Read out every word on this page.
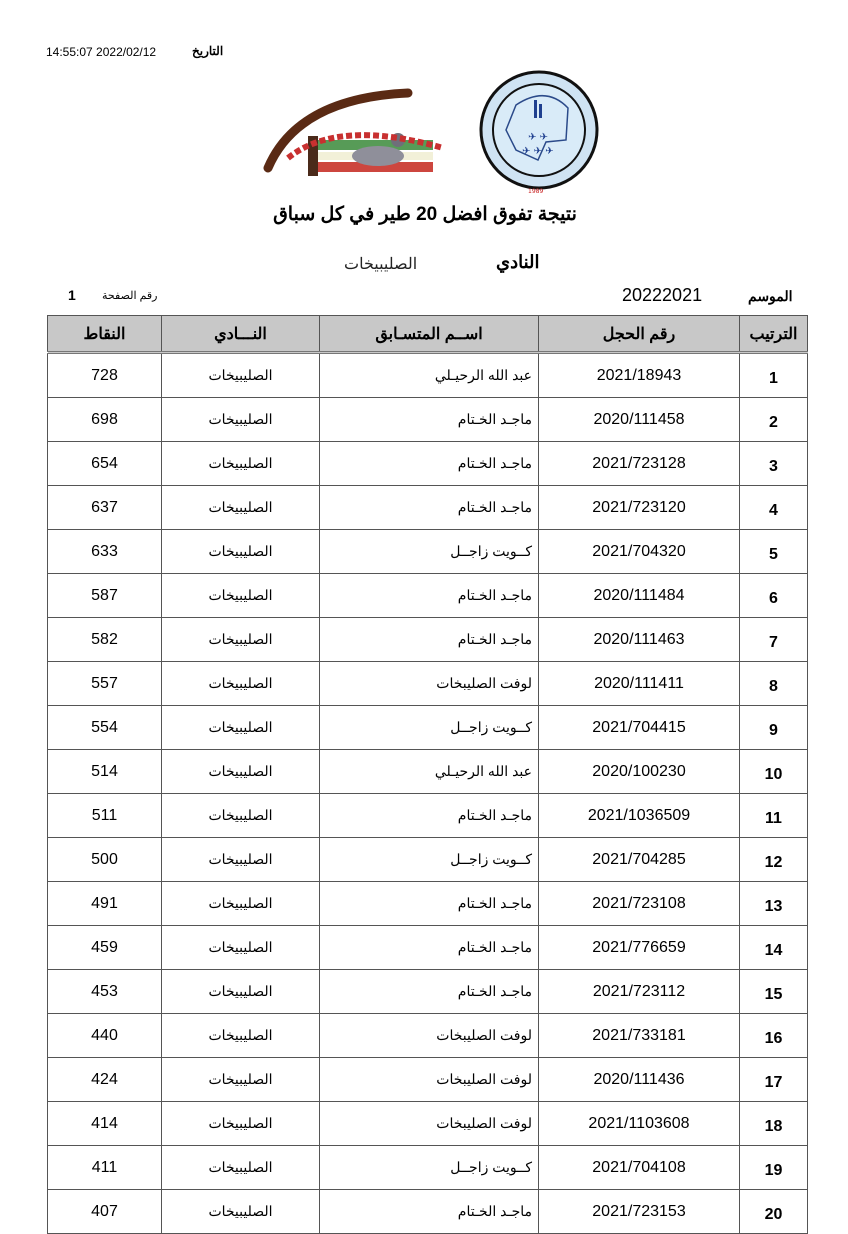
التاريخ
14:55:07 2022/02/12
✈ ✈
✈ ✈ ✈
1989
نتيجة تفوق افضل 20 طير في كل سباق
النادي
الصليبيخات
الموسم
20222021
رقم الصفحة
1
الترتيب	رقم الحجل	اســم المتسـابق	النـــادي	النقاط
1	2021/18943	عبد الله الرحيـلي	الصليبيخات	728
2	2020/111458	ماجـد الخـتام	الصليبيخات	698
3	2021/723128	ماجـد الخـتام	الصليبيخات	654
4	2021/723120	ماجـد الخـتام	الصليبيخات	637
5	2021/704320	كــويت زاجــل	الصليبيخات	633
6	2020/111484	ماجـد الخـتام	الصليبيخات	587
7	2020/111463	ماجـد الخـتام	الصليبيخات	582
8	2020/111411	لوفت الصليبخات	الصليبيخات	557
9	2021/704415	كــويت زاجــل	الصليبيخات	554
10	2020/100230	عبد الله الرحيـلي	الصليبيخات	514
11	2021/1036509	ماجـد الخـتام	الصليبيخات	511
12	2021/704285	كــويت زاجــل	الصليبيخات	500
13	2021/723108	ماجـد الخـتام	الصليبيخات	491
14	2021/776659	ماجـد الخـتام	الصليبيخات	459
15	2021/723112	ماجـد الخـتام	الصليبيخات	453
16	2021/733181	لوفت الصليبخات	الصليبيخات	440
17	2020/111436	لوفت الصليبخات	الصليبيخات	424
18	2021/1103608	لوفت الصليبخات	الصليبيخات	414
19	2021/704108	كــويت زاجــل	الصليبيخات	411
20	2021/723153	ماجـد الخـتام	الصليبيخات	407
